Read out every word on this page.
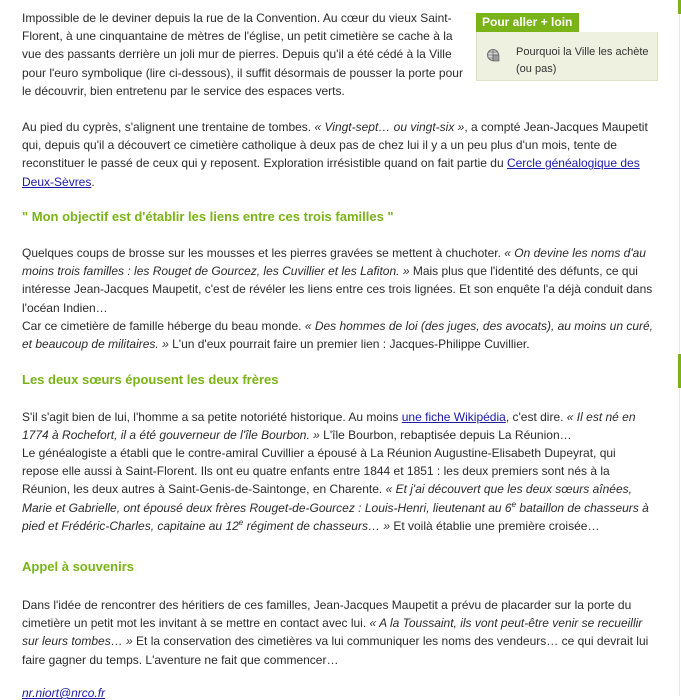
Impossible de le deviner depuis la rue de la Convention. Au cœur du vieux Saint-Florent, à une cinquantaine de mètres de l'église, un petit cimetière se cache à la vue des passants derrière un joli mur de pierres. Depuis qu'il a été cédé à la Ville pour l'euro symbolique (lire ci-dessous), il suffit désormais de pousser la porte pour le découvrir, bien entretenu par le service des espaces verts.

Au pied du cyprès, s'alignent une trentaine de tombes. « Vingt-sept… ou vingt-six », a compté Jean-Jacques Maupetit qui, depuis qu'il a découvert ce cimetière catholique à deux pas de chez lui il y a un peu plus d'un mois, tente de reconstituer le passé de ceux qui y reposent. Exploration irrésistible quand on fait partie du Cercle généalogique des Deux-Sèvres.

" Mon objectif est d'établir les liens entre ces trois familles "

Quelques coups de brosse sur les mousses et les pierres gravées se mettent à chuchoter. « On devine les noms d'au moins trois familles : les Rouget de Gourcez, les Cuvillier et les Lafiton. » Mais plus que l'identité des défunts, ce qui intéresse Jean-Jacques Maupetit, c'est de révéler les liens entre ces trois lignées. Et son enquête l'a déjà conduit dans l'océan Indien…

Car ce cimetière de famille héberge du beau monde. « Des hommes de loi (des juges, des avocats), au moins un curé, et beaucoup de militaires. » L'un d'eux pourrait faire un premier lien : Jacques-Philippe Cuvillier.

Les deux sœurs épousent les deux frères

S'il s'agit bien de lui, l'homme a sa petite notoriété historique. Au moins une fiche Wikipédia, c'est dire. « Il est né en 1774 à Rochefort, il a été gouverneur de l'île Bourbon. » L'île Bourbon, rebaptisée depuis La Réunion…

Le généalogiste a établi que le contre-amiral Cuvillier a épousé à La Réunion Augustine-Elisabeth Dupeyrat, qui repose elle aussi à Saint-Florent. Ils ont eu quatre enfants entre 1844 et 1851 : les deux premiers sont nés à la Réunion, les deux autres à Saint-Genis-de-Saintonge, en Charente. « Et j'ai découvert que les deux sœurs aînées, Marie et Gabrielle, ont épousé deux frères Rouget-de-Gourcez : Louis-Henri, lieutenant au 6e bataillon de chasseurs à pied et Frédéric-Charles, capitaine au 12e régiment de chasseurs… » Et voilà établie une première croisée…

Appel à souvenirs

Dans l'idée de rencontrer des héritiers de ces familles, Jean-Jacques Maupetit a prévu de placarder sur la porte du cimetière un petit mot les invitant à se mettre en contact avec lui. « A la Toussaint, ils vont peut-être venir se recueillir sur leurs tombes… » Et la conservation des cimetières va lui communiquer les noms des vendeurs… ce qui devrait lui faire gagner du temps. L'aventure ne fait que commencer…

Pour aller + loin
Pourquoi la Ville les achète (ou pas)
nr.niort@nrco.fr
